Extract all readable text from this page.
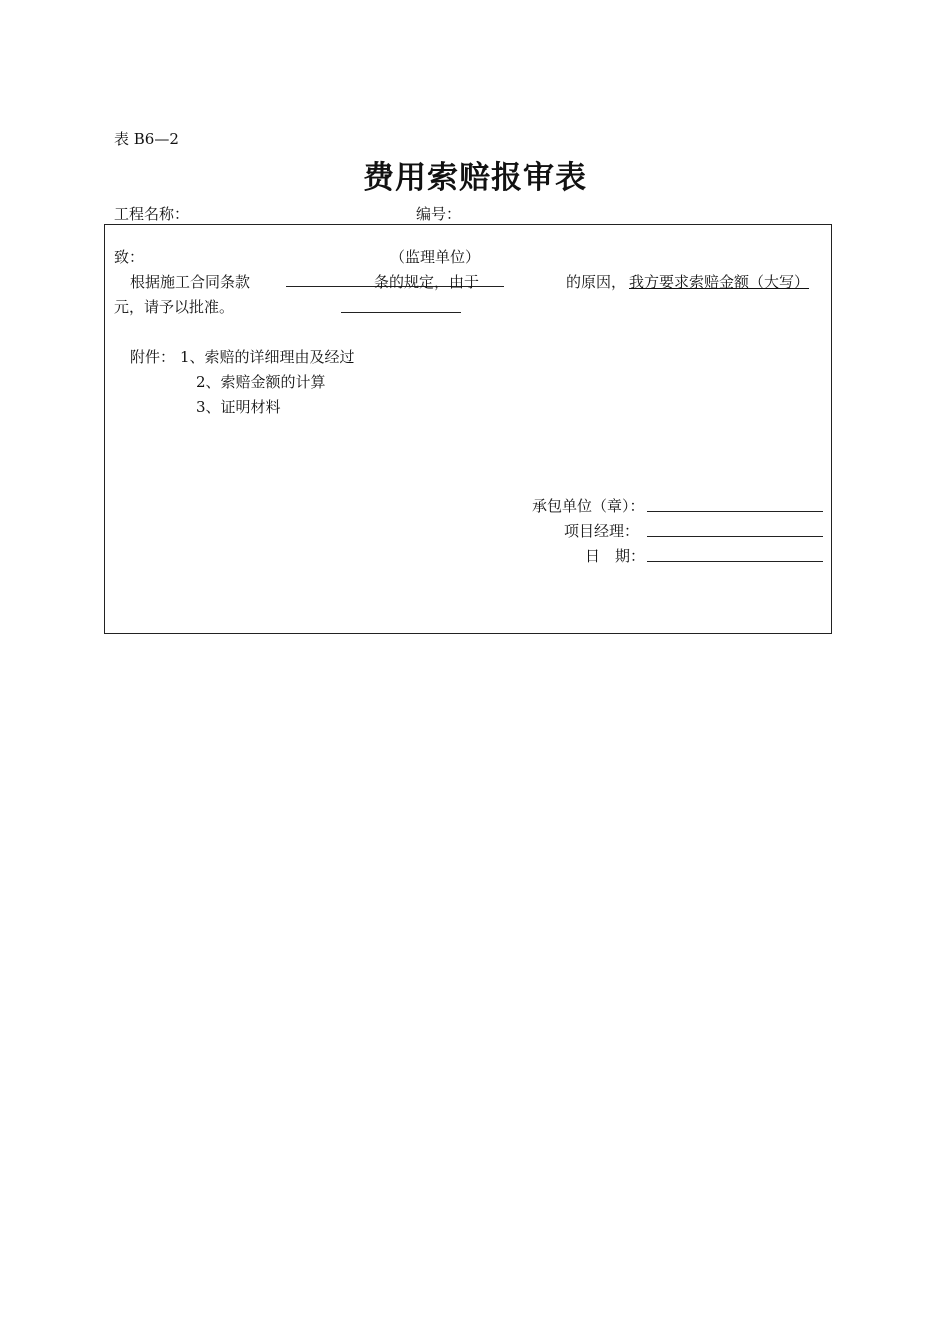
表 B6—2
费用索赔报审表
工程名称：	编号：
致：	（监理单位）
根据施工合同条款	条的规定，由于	的原因， 我方要求索赔金额（大写）
元，请予以批准。
附件： 1、索赔的详细理由及经过
2、索赔金额的计算
3、证明材料
承包单位（章）：
项目经理：
日　期：
